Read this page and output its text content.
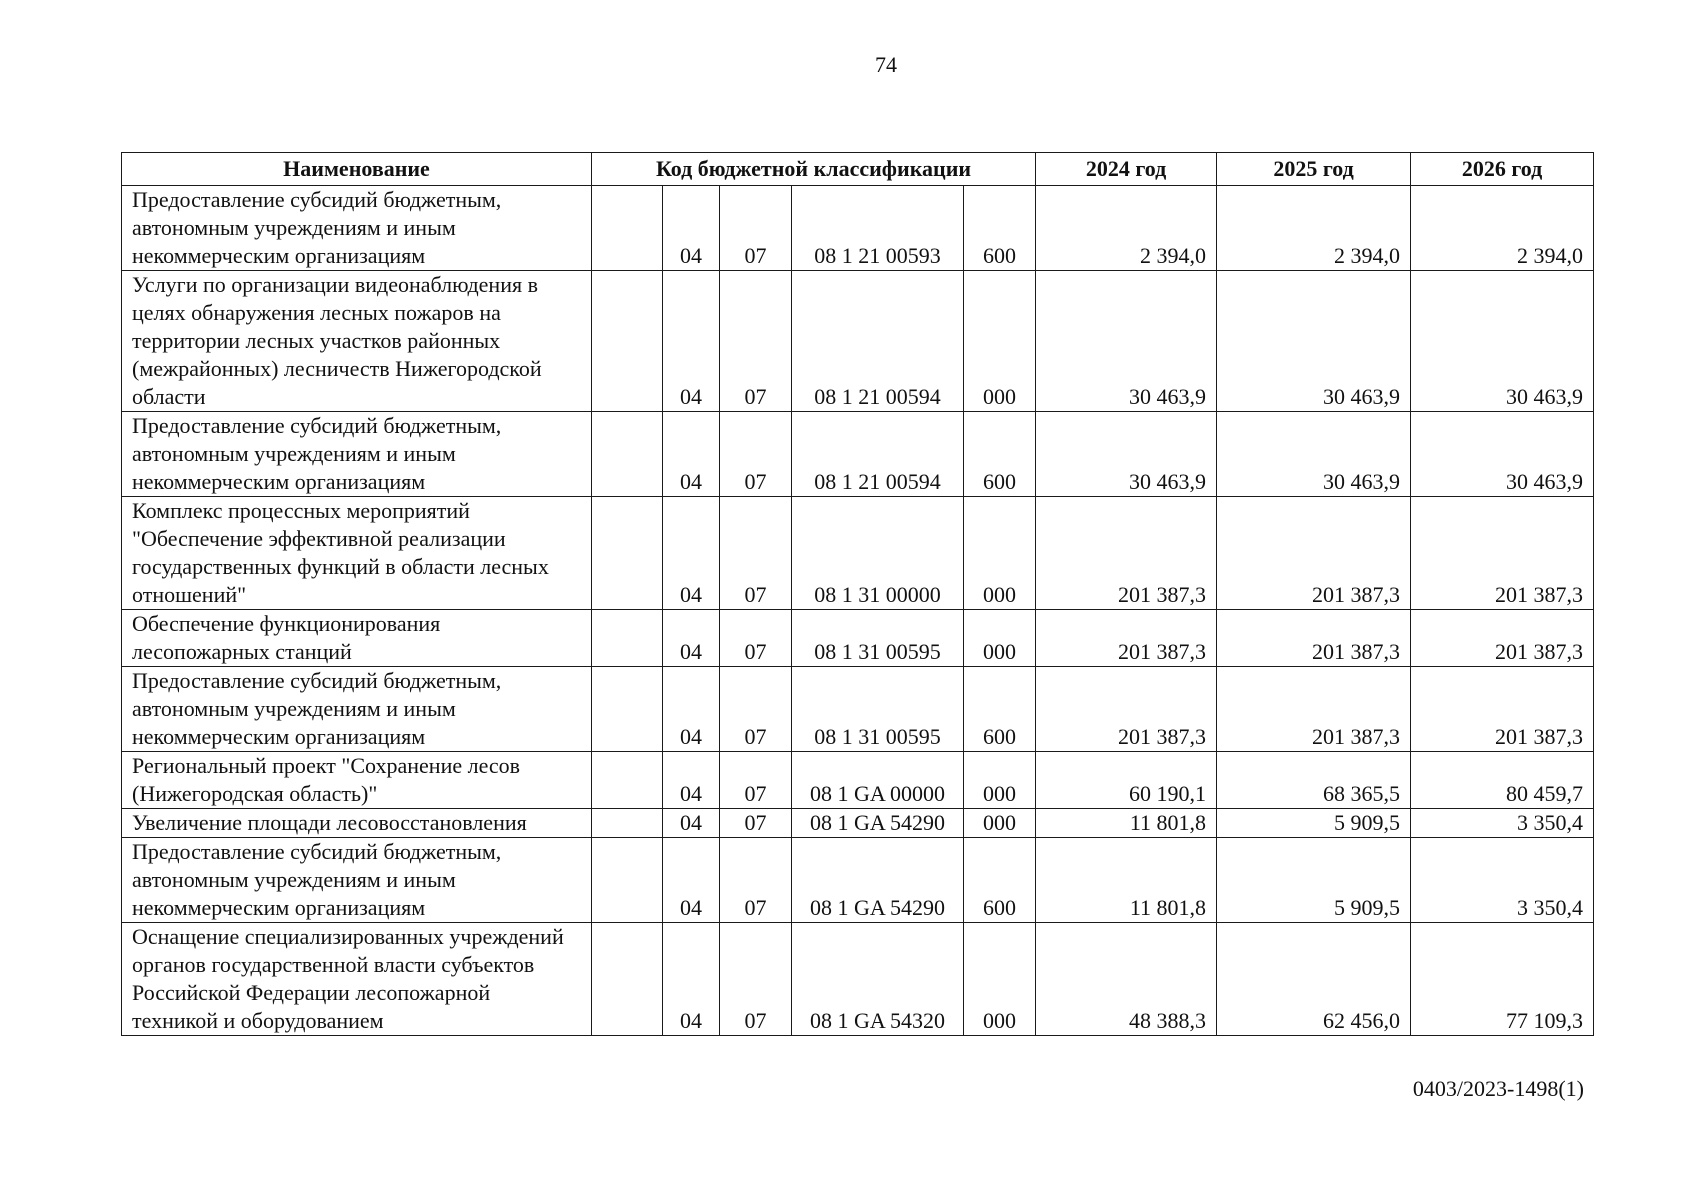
74
Наименование	Код бюджетной классификации					2024 год	2025 год	2026 год
Предоставление субсидий бюджетным, автономным учреждениям и иным некоммерческим организациям		04	07	08 1 21 00593	600	2 394,0	2 394,0	2 394,0
Услуги по организации видеонаблюдения в целях обнаружения лесных пожаров на территории лесных участков районных (межрайонных) лесничеств Нижегородской области		04	07	08 1 21 00594	000	30 463,9	30 463,9	30 463,9
Предоставление субсидий бюджетным, автономным учреждениям и иным некоммерческим организациям		04	07	08 1 21 00594	600	30 463,9	30 463,9	30 463,9
Комплекс процессных мероприятий "Обеспечение эффективной реализации государственных функций в области лесных отношений"		04	07	08 1 31 00000	000	201 387,3	201 387,3	201 387,3
Обеспечение функционирования лесопожарных станций		04	07	08 1 31 00595	000	201 387,3	201 387,3	201 387,3
Предоставление субсидий бюджетным, автономным учреждениям и иным некоммерческим организациям		04	07	08 1 31 00595	600	201 387,3	201 387,3	201 387,3
Региональный проект "Сохранение лесов (Нижегородская область)"		04	07	08 1 GA 00000	000	60 190,1	68 365,5	80 459,7
Увеличение площади лесовосстановления		04	07	08 1 GA 54290	000	11 801,8	5 909,5	3 350,4
Предоставление субсидий бюджетным, автономным учреждениям и иным некоммерческим организациям		04	07	08 1 GA 54290	600	11 801,8	5 909,5	3 350,4
Оснащение специализированных учреждений органов государственной власти субъектов Российской Федерации лесопожарной техникой и оборудованием		04	07	08 1 GA 54320	000	48 388,3	62 456,0	77 109,3
0403/2023-1498(1)
